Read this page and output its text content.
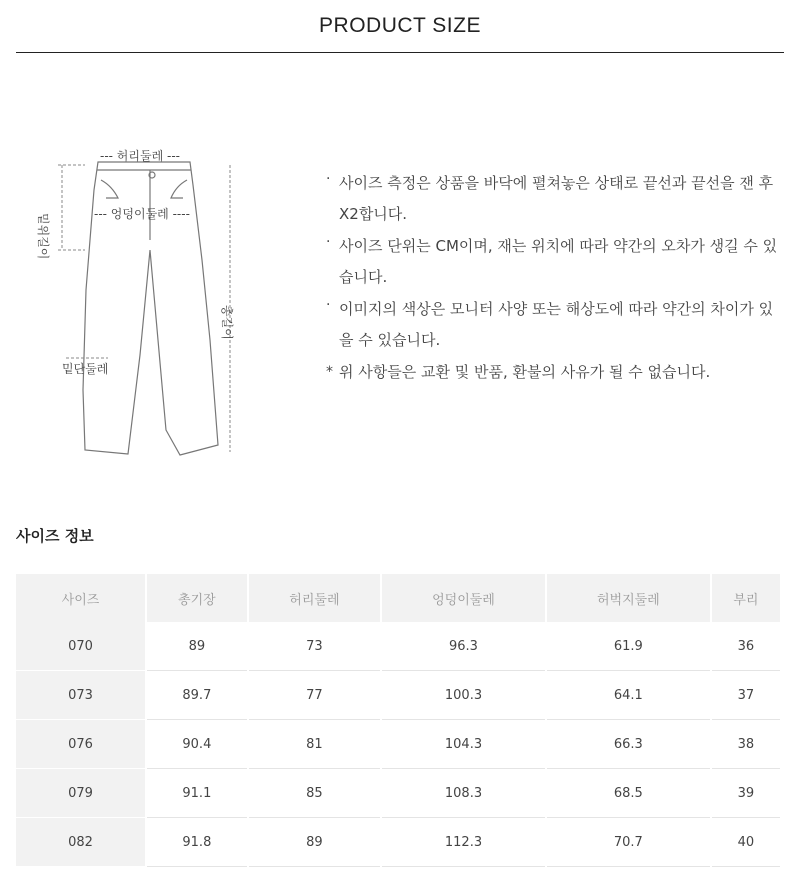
PRODUCT SIZE
--- 허리둘레 ---
--- 엉덩이둘레 ----
밑단둘레
밑위길이
총길이
· 사이즈 측정은 상품을 바닥에 펼쳐놓은 상태로 끝선과 끝선을 잰 후 X2합니다.
· 사이즈 단위는 CM이며, 재는 위치에 따라 약간의 오차가 생길 수 있습니다.
· 이미지의 색상은 모니터 사양 또는 해상도에 따라 약간의 차이가 있을 수 있습니다.
* 위 사항들은 교환 및 반품, 환불의 사유가 될 수 없습니다.
사이즈 정보
사이즈	총기장	허리둘레	엉덩이둘레	허벅지둘레	부리
070	89	73	96.3	61.9	36
073	89.7	77	100.3	64.1	37
076	90.4	81	104.3	66.3	38
079	91.1	85	108.3	68.5	39
082	91.8	89	112.3	70.7	40
